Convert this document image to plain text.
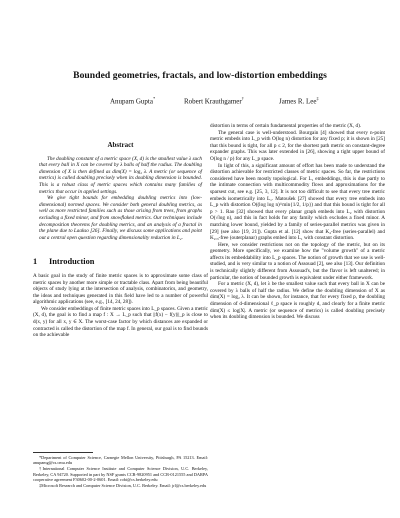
Bounded geometries, fractals, and low-distortion embeddings
Anupam Gupta*	Robert Krauthgamer†	James R. Lee‡
Abstract

The doubling constant of a metric space (X, d) is the smallest value λ such that every ball in X can be covered by λ balls of half the radius. The doubling dimension of X is then defined as dim(X) = log₂ λ. A metric (or sequence of metrics) is called doubling precisely when its doubling dimension is bounded. This is a robust class of metric spaces which contains many families of metrics that occur in applied settings.

We give tight bounds for embedding doubling metrics into (low-dimensional) normed spaces. We consider both general doubling metrics, as well as more restricted families such as those arising from trees, from graphs excluding a fixed minor, and from snowflaked metrics. Our techniques include decomposition theorems for doubling metrics, and an analysis of a fractal in the plane due to Laakso [26]. Finally, we discuss some applications and point out a central open question regarding dimensionality reduction in L₂.

1 Introduction

A basic goal in the study of finite metric spaces is to approximate some class of metric spaces by another more simple or tractable class. Apart from being beautiful objects of study lying at the intersection of analysis, combinatorics, and geometry, the ideas and techniques generated in this field have led to a number of powerful algorithmic applications (see, e.g., [14, 24, 28]).

We consider embeddings of finite metric spaces into L_p spaces. Given a metric (X, d), the goal is to find a map f : X → L_p such that ||f(x) − f(y)||_p is close to d(x, y) for all x, y ∈ X. The worst-case factor by which distances are expanded or contracted is called the distortion of the map f. In general, our goal is to find bounds on the achievable

*Department of Computer Science, Carnegie Mellon University, Pittsburgh, PA 15213. Email: anupamg@cs.cmu.edu

†International Computer Science Institute and Computer Science Division, U.C. Berkeley, Berkeley, CA 94720. Supported in part by NSF grants CCR-9820951 and CCR-0121555 and DARPA cooperative agreement F30602-00-2-0601. Email: robi@cs.berkeley.edu

‡Microsoft Research and Computer Science Division, U.C. Berkeley. Email: jrl@cs.berkeley.edu

distortion in terms of certain fundamental properties of the metric (X, d).

The general case is well-understood. Bourgain [4] showed that every n-point metric embeds into L_p with O(log n) distortion for any fixed p; it is shown in [25] that this bound is tight, for all p ≤ 2, for the shortest path metric on constant-degree expander graphs. This was later extended in [26], showing a tight upper bound of O(log n / p) for any L_p space.

In light of this, a significant amount of effort has been made to understand the distortion achievable for restricted classes of metric spaces. So far, the restrictions considered have been mostly topological. For L₁ embeddings, this is due partly to the intimate connection with multicommodity flows and approximations for the sparsest cut, see e.g. [25, 3, 12]. It is not too difficult to see that every tree metric embeds isometrically into L₁. Matoušek [27] showed that every tree embeds into L_p with distortion O((log log n)^min{1/2, 1/p}) and that this bound is tight for all p > 1. Rao [32] showed that every planar graph embeds into L₂ with distortion O(√log n), and this in fact holds for any family which excludes a fixed minor. A matching lower bound, yielded by a family of series-parallel metrics was given in [29] (see also [19, 21]). Gupta et al. [12] show that K₄-free (series-parallel) and K₂,₃-free (outerplanar) graphs embed into L₁ with constant distortion.

Here, we consider restrictions not on the topology of the metric, but on its geometry. More specifically, we examine how the "volume growth" of a metric affects its embeddability into L_p spaces. The notion of growth that we use is well-studied, and is very similar to a notion of Assouad [2], see also [13]. Our definition is technically slightly different from Assouad's, but the flavor is left unaltered; in particular, the notion of bounded growth is equivalent under either framework.

For a metric (X, d), let λ be the smallest value such that every ball in X can be covered by λ balls of half the radius. We define the doubling dimension of X as dim(X) = log₂ λ. It can be shown, for instance, that for every fixed p, the doubling dimension of d-dimensional ℓ_p space is roughly d, and clearly for a finite metric dim(X) ≤ log|X|. A metric (or sequence of metrics) is called doubling precisely when its doubling dimension is bounded. We discuss
